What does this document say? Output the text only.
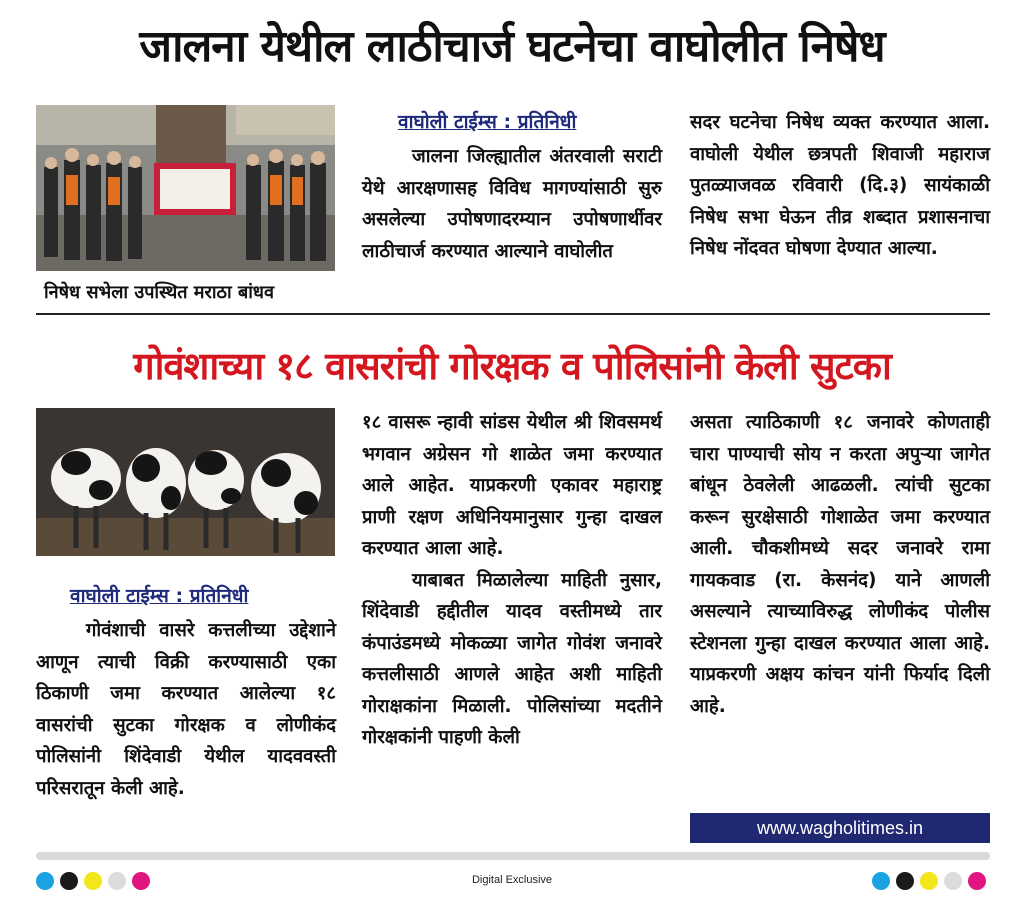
जालना येथील लाठीचार्ज घटनेचा वाघोलीत निषेध
निषेध सभेला उपस्थित मराठा बांधव
वाघोली टाईम्स : प्रतिनिधी

जालना जिल्ह्यातील अंतरवाली सराटी येथे आरक्षणासह विविध मागण्यांसाठी सुरु असलेल्या उपोषणादरम्यान उपोषणार्थीवर लाठीचार्ज करण्यात आल्याने वाघोलीत

सदर घटनेचा निषेध व्यक्त करण्यात आला. वाघोली येथील छत्रपती शिवाजी महाराज पुतळ्याजवळ रविवारी (दि.३) सायंकाळी निषेध सभा घेऊन तीव्र शब्दात प्रशासनाचा निषेध नोंदवत घोषणा देण्यात आल्या.

गोवंशाच्या १८ वासरांची गोरक्षक व पोलिसांनी केली सुटका
वाघोली टाईम्स : प्रतिनिधी

गोवंशाची वासरे कत्तलीच्या उद्देशाने आणून त्याची विक्री करण्यासाठी एका ठिकाणी जमा करण्यात आलेल्या १८ वासरांची सुटका गोरक्षक व लोणीकंद पोलिसांनी शिंदेवाडी येथील यादववस्ती परिसरातून केली आहे.

१८ वासरू न्हावी सांडस येथील श्री शिवसमर्थ भगवान अग्रेसन गो शाळेत जमा करण्यात आले आहेत. याप्रकरणी एकावर महाराष्ट्र प्राणी रक्षण अधिनियमानुसार गुन्हा दाखल करण्यात आला आहे.

याबाबत मिळालेल्या माहिती नुसार, शिंदेवाडी हद्दीतील यादव वस्तीमध्ये तार कंपाउंडमध्ये मोकळ्या जागेत गोवंश जनावरे कत्तलीसाठी आणले आहेत अशी माहिती गोराक्षकांना मिळाली. पोलिसांच्या मदतीने गोरक्षकांनी पाहणी केली

असता त्याठिकाणी १८ जनावरे कोणताही चारा पाण्याची सोय न करता अपुऱ्या जागेत बांधून ठेवलेली आढळली. त्यांची सुटका करून सुरक्षेसाठी गोशाळेत जमा करण्यात आली. चौकशीमध्ये सदर जनावरे रामा गायकवाड (रा. केसनंद) याने आणली असल्याने त्याच्याविरुद्ध लोणीकंद पोलीस स्टेशनला गुन्हा दाखल करण्यात आला आहे. याप्रकरणी अक्षय कांचन यांनी फिर्याद दिली आहे.

www.wagholitimes.in
Digital Exclusive
